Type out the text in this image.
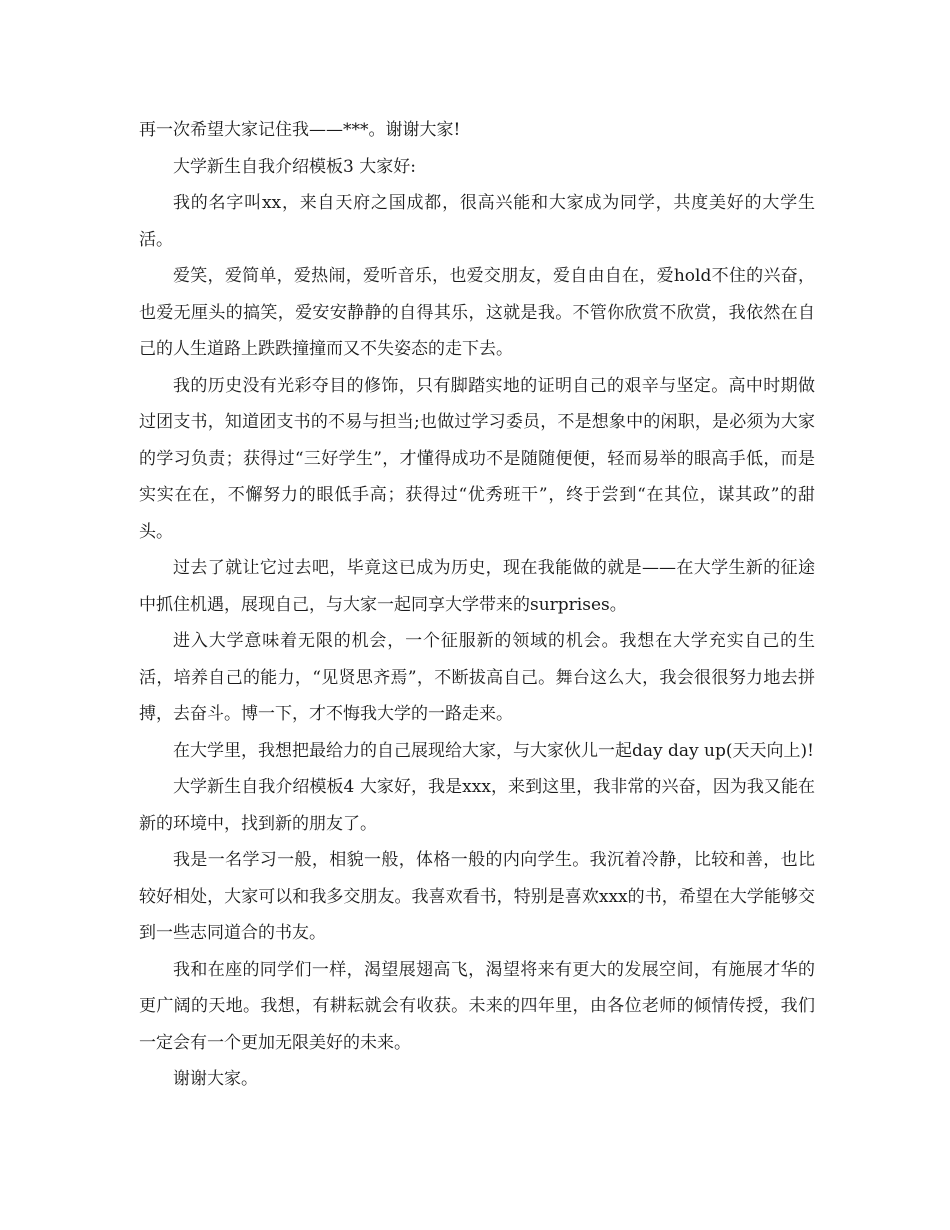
再一次希望大家记住我——***。谢谢大家!

大学新生自我介绍模板3 大家好:

我的名字叫xx，来自天府之国成都，很高兴能和大家成为同学，共度美好的大学生活。

爱笑，爱简单，爱热闹，爱听音乐，也爱交朋友，爱自由自在，爱hold不住的兴奋，也爱无厘头的搞笑，爱安安静静的自得其乐，这就是我。不管你欣赏不欣赏，我依然在自己的人生道路上跌跌撞撞而又不失姿态的走下去。

我的历史没有光彩夺目的修饰，只有脚踏实地的证明自己的艰辛与坚定。高中时期做过团支书，知道团支书的不易与担当;也做过学习委员，不是想象中的闲职，是必须为大家的学习负责；获得过“三好学生”，才懂得成功不是随随便便，轻而易举的眼高手低，而是实实在在，不懈努力的眼低手高；获得过“优秀班干”，终于尝到“在其位，谋其政”的甜头。

过去了就让它过去吧，毕竟这已成为历史，现在我能做的就是——在大学生新的征途中抓住机遇，展现自己，与大家一起同享大学带来的surprises。

进入大学意味着无限的机会，一个征服新的领域的机会。我想在大学充实自己的生活，培养自己的能力，“见贤思齐焉”，不断拔高自己。舞台这么大，我会很很努力地去拼搏，去奋斗。博一下，才不悔我大学的一路走来。

在大学里，我想把最给力的自己展现给大家，与大家伙儿一起day day up(天天向上)!

大学新生自我介绍模板4 大家好，我是xxx，来到这里，我非常的兴奋，因为我又能在新的环境中，找到新的朋友了。

我是一名学习一般，相貌一般，体格一般的内向学生。我沉着冷静，比较和善，也比较好相处，大家可以和我多交朋友。我喜欢看书，特别是喜欢xxx的书，希望在大学能够交到一些志同道合的书友。

我和在座的同学们一样，渴望展翅高飞，渴望将来有更大的发展空间，有施展才华的更广阔的天地。我想，有耕耘就会有收获。未来的四年里，由各位老师的倾情传授，我们一定会有一个更加无限美好的未来。

谢谢大家。
